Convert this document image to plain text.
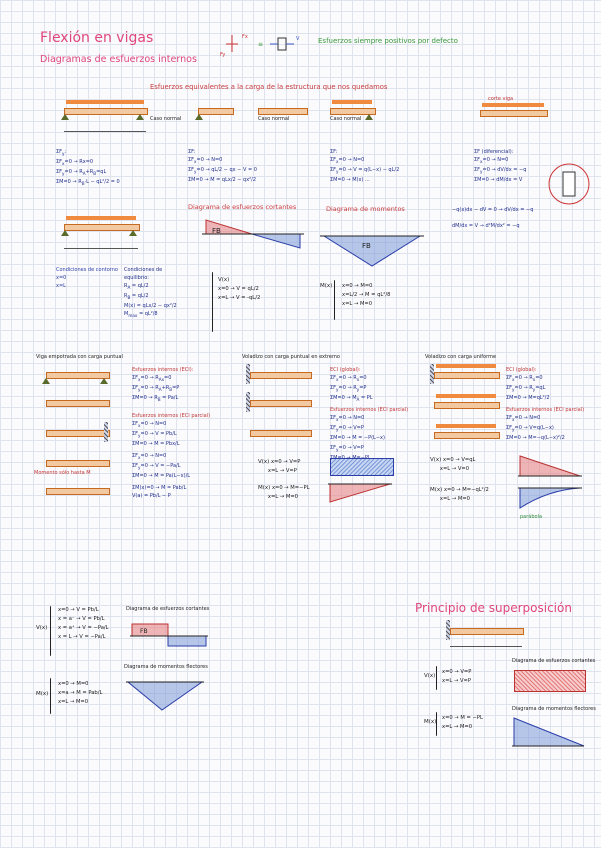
Flexión en vigas
Diagramas de esfuerzos internos
Esfuerzos siempre positivos por defecto
Fx
Fy
≡
V
Esfuerzos equivalentes a la carga de la estructura que nos quedamos
Caso normal	Caso normal	Caso normal
$\Sigma F_y$:
$\Sigma F_x=0 \to Rx=0$
$\Sigma F_y=0 \to R_A+R_B=qL$
$\Sigma M=0 \to R_B\cdot L - qL^2/2 = 0$
ΣF:
$\Sigma F_x=0 \to N=0$
$\Sigma F_y=0 \to qL/2$ − qx − V = 0
ΣM=0 → M = qLx/2 − qx²/2
ΣF:
$\Sigma F_x=0 \to N=0$
$\Sigma F_y=0 \to V = q(L-x) - qL/2$
ΣM=0 → M(x) ...
corte viga
ΣF (diferencial):
$\Sigma F_x=0 \to N=0$
$\Sigma F_y=0 \to dV/dx = -q$
ΣM=0 → dM/dx = V
−q(x)dx − dV = 0 → dV/dx = −q

dM/dx = V → d²M/dx² = −q
Condiciones de contorno
x=0
x=L
Condiciones de
equilibrio:
$R_A = qL/2$
$R_B = qL/2$
M(x) = qLx/2 − qx²/2
$M_{max} = qL^2/8$
Diagrama de esfuerzos cortantes
FB
Diagrama de momentos
FB
V(x)
x=0 → V = qL/2
x=L → V = -qL/2
M(x) x=0 → M=0
x=L/2 → M = qL²/8
x=L → M=0
Viga empotrada con carga puntual	Voladizo con carga puntual en extremo	Voladizo con carga uniforme
Momento sólo hasta M
Esfuerzos internos (ECI):
$\Sigma F_x=0 \to R_{Ax}=0$
$\Sigma F_y=0 \to R_A+R_B=P$
$\Sigma M=0 \to R_B = Pa/L$
Esfuerzos internos (ECI parcial)
$\Sigma F_x=0 \to N=0$
$\Sigma F_y=0 \to V = Pb/L$
ΣM=0 → M = Pbx/L
$\Sigma F_x=0 \to N=0$
$\Sigma F_y=0 \to V = -Pa/L$
ΣM=0 → M = Pa(L−x)/L
ΣM(x)=0 → M = Pab/L
V(a) = Pb/L − P
ECI (global):
$\Sigma F_x=0 \to R_x=0$
$\Sigma F_y=0 \to R_y=P$
$\Sigma M=0 \to M_A$ = PL
Esfuerzos internos (ECI parcial)
$\Sigma F_x=0 \to N=0$
$\Sigma F_y=0 \to V=P$
ΣM=0 → M = −P(L−x)
$\Sigma F_y=0 \to V=P$

V(x) x=0 → V=P
x=L → V=P
M(x) x=0 → M=−PL
x=L → M=0
ECI (global):
$\Sigma F_x=0 \to R_x=0$
$\Sigma F_y=0 \to R_y=qL$
ΣM=0 → M=qL²/2
Esfuerzos internos (ECI parcial)
$\Sigma F_x=0 \to N=0$
$\Sigma F_y=0 \to V=q(L-x)$
ΣM=0 → M=−q(L−x)²/2
V(x) x=0 → V=qL
x=L → V=0
M(x) x=0 → M=−qL²/2
x=L → M=0
parábola
V(x)
x=0 → V = Pb/L
x = a⁻ → V = Pb/L
x = a⁺ → V = −Pa/L
x = L → V = −Pa/L
Diagrama de esfuerzos cortantes
FB
M(x)
x=0 → M=0
x=a → M = Pab/L
x=L → M=0
Diagrama de momentos flectores
Principio de superposición
V(x)
x=0 → V=P
x=L → V=P
Diagrama de esfuerzos cortantes
M(x)
x=0 → M = −PL
x=L → M=0
Diagrama de momentos flectores
